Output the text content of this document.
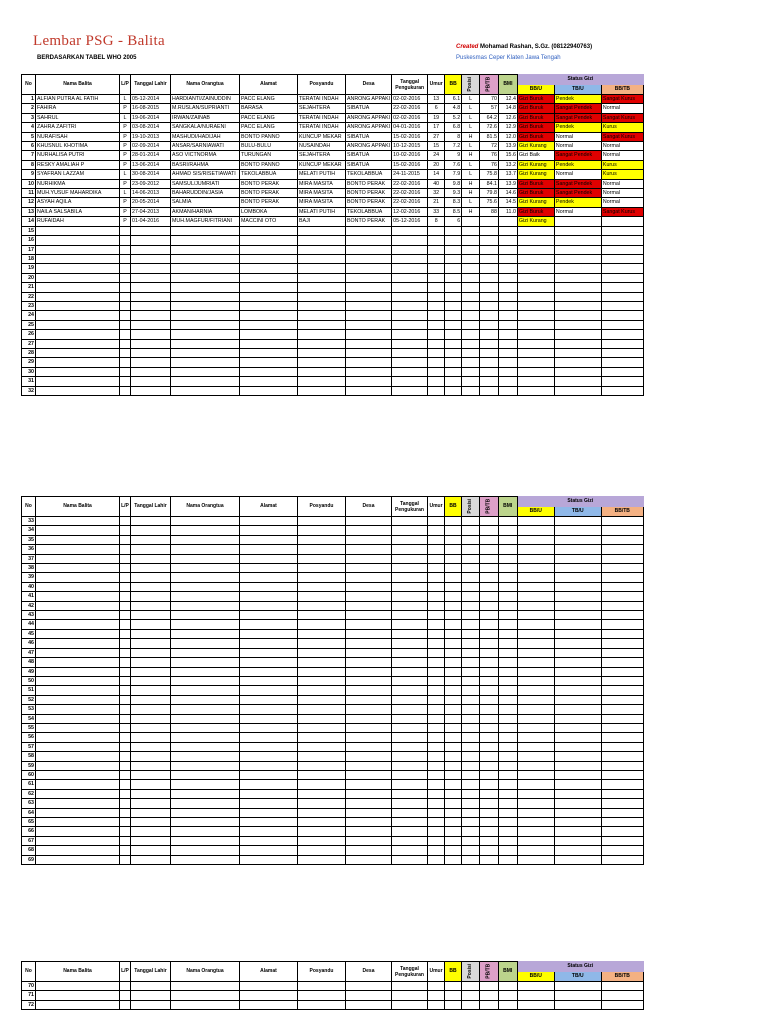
Lembar PSG - Balita
BERDASARKAN TABEL WHO 2005
Created Mohamad Rashan, S.Gz. (08122940763)
Puskesmas Ceper Klaten Jawa Tengah
No	Nama Balita	L/P	Tanggal Lahir	Nama Orangtua	Alamat	Posyandu	Desa	Tanggal Pengukuran	Umur	BB	Posisi	PB/TB	BMI	Status Gizi		
														BB/U	TB/U	BB/TB
1	ALFIAN PUTRA AL FATIH	L	05-12-2014	HARDIANTI/ZAINUDDIN	PACC ELANG	TERATAI INDAH	ANRONG APPAKI	02-02-2016	13	6.1	L	70	12.4	Gizi Buruk	Pendek	Sangat Kurus
2	FAHIRA	P	16-08-2015	M.RUSLAN/SUPRIANTI	BARASA	SEJAHTERA	SIBATUA	22-02-2016	6	4.8	L	57	14.8	Gizi Buruk	Sangat Pendek	Normal
3	SAHRUL	L	19-06-2014	IRWAN/ZAINAB	PACC ELANG	TERATAI INDAH	ANRONG APPAKI	02-02-2016	19	5.2	L	64.2	12.6	Gizi Buruk	Sangat Pendek	Sangat Kurus
4	ZAHRA ZAFITRI	P	03-08-2014	SANGKALA/NURAENI	PACC ELANG	TERATAI INDAH	ANRONG APPAKI	04-01-2016	17	6.8	L	72.6	12.9	Gizi Buruk	Pendek	Kurus
5	NURAFISAH	P	19-10-2013	MASHUDI/HADIJAH	BONTO PANNO	KUNCUP MEKAR	SIBATUA	15-02-2016	27	8	H	81.5	12.0	Gizi Buruk	Normal	Sangat Kurus
6	KHUSNUL KHOTIMA	P	02-09-2014	ANSAR/SARNIAWATI	BULU-BULU	NUSAINDAH	ANRONG APPAKI	10-12-2015	15	7.2	L	72	13.9	Gizi Kurang	Normal	Normal
7	NURHALISA PUTRI	P	28-01-2014	ASO VICTNORMA	TURUNGAN	SEJAHTERA	SIBATUA	10-02-2016	24	9	H	76	15.6	Gizi Baik	Sangat Pendek	Normal
8	RESKY AMALIAH P	P	13-06-2014	BASRI/RAHMA	BONTO PANNO	KUNCUP MEKAR	SIBATUA	15-02-2016	20	7.6	L	76	13.2	Gizi Kurang	Pendek	Kurus
9	SYAFRAN LAZZAM	L	30-08-2014	AHMAD SIS/RISETIAWATI	TEKOLABBUA	MELATI PUTIH	TEKOLABBUA	24-11-2015	14	7.9	L	75.8	13.7	Gizi Kurang	Normal	Kurus
10	NURHIKMA	P	23-09-2012	SAMSUL/JUMRIATI	BONTO PERAK	MIRA MASITA	BONTO PERAK	22-02-2016	40	9.8	H	84.1	13.9	Gizi Buruk	Sangat Pendek	Normal
11	MUH.YUSUF MAHARDIKA	L	14-06-2013	BAHARUDDIN/JASIA	BONTO PERAK	MIRA MASITA	BONTO PERAK	22-02-2016	32	9.3	H	79.8	14.6	Gizi Buruk	Sangat Pendek	Normal
12	ASYAH AQILA	P	20-05-2014	SALMIA	BONTO PERAK	MIRA MASITA	BONTO PERAK	22-02-2016	21	8.3	L	75.6	14.5	Gizi Kurang	Pendek	Normal
13	NAILA SALSABILA	P	27-04-2013	AKMAN/HARNIA	LOMBOKA	MELATI PUTIH	TEKOLABBUA	12-02-2016	33	8.5	H	88	11.0	Gizi Buruk	Normal	Sangat Kurus
14	RUFAIDAH	P	01-04-2016	MUH.MAGFUR/FITRIANI	MACCINI OTO	BAJI	BONTO PERAK	05-12-2016	8	6				Gizi Kurang		
15																
16																
17																
18																
19																
20																
21																
22																
23																
24																
25																
26																
27																
28																
29																
30																
31																
32																
No	Nama Balita	L/P	Tanggal Lahir	Nama Orangtua	Alamat	Posyandu	Desa	Tanggal Pengukuran	Umur	BB	Posisi	PB/TB	BMI	Status Gizi		
														BB/U	TB/U	BB/TB
33																
34																
35																
36																
37																
38																
39																
40																
41																
42																
43																
44																
45																
46																
47																
48																
49																
50																
51																
52																
53																
54																
55																
56																
57																
58																
59																
60																
61																
62																
63																
64																
65																
66																
67																
68																
69																
No	Nama Balita	L/P	Tanggal Lahir	Nama Orangtua	Alamat	Posyandu	Desa	Tanggal Pengukuran	Umur	BB	Posisi	PB/TB	BMI	Status Gizi		
														BB/U	TB/U	BB/TB
70																
71																
72																
